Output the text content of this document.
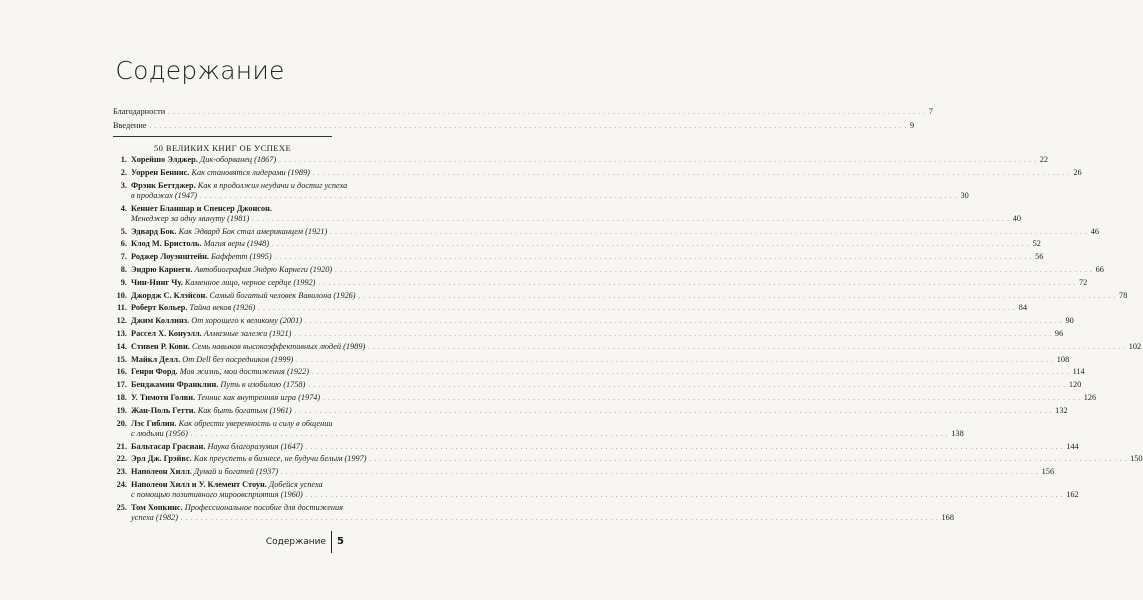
Содержание
Благодарности . . .	7
Введение . . .	9
50 ВЕЛИКИХ КНИГ ОБ УСПЕХЕ
1. Хорейшо Элджер. Дик-оборванец (1867) . . .	22
2. Уоррен Беннис. Как становятся лидерами (1989) . . .	26
3. Фрэнк Беттджер. Как я продолжил неудачи и достиг успеха
в продажах (1947) . . .	30
4. Кеннет Бланшар и Спенсер Джонсон.
Менеджер за одну минуту (1981) . . .	40
5. Эдвард Бок. Как Эдвард Бок стал американцем (1921) . . .	46
6. Клод М. Бристоль. Магия веры (1948) . . .	52
7. Роджер Лоуэнштейн. Баффетт (1995) . . .	56
8. Эндрю Карнеги. Автобиография Эндрю Карнеги (1920) . . .	66
9. Чин-Нинг Чу. Каменное лицо, черное сердце (1992) . . .	72
10. Джордж С. Клэйсон. Самый богатый человек Вавилона (1926) . . .	78
11. Роберт Кольер. Тайна веков (1926) . . .	84
12. Джим Коллинз. От хорошего к великому (2001) . . .	90
13. Рассел Х. Конуэлл. Алмазные залежи (1921) . . .	96
14. Стивен Р. Кови. Семь навыков высокоэффективных людей (1989) . . .	102
15. Майкл Делл. От Dell без посредников (1999) . . .	108
16. Генри Форд. Моя жизнь, мои достижения (1922) . . .	114
17. Бенджамин Франклин. Путь к изобилию (1758) . . .	120
18. У. Тимоти Голви. Теннис как внутренняя игра (1974) . . .	126
19. Жан-Поль Гетти. Как быть богатым (1961) . . .	132
20. Лэс Гиблин. Как обрести уверенность и силу в общении
с людьми (1956) . . .	138
21. Бальтасар Грасиан. Наука благоразумия (1647) . . .	144
22. Эрл Дж. Грэйвс. Как преуспеть в бизнесе, не будучи белым (1997) . . .	150
23. Наполеон Хилл. Думай и богатей (1937) . . .	156
24. Наполеон Хилл и У. Клемент Стоун. Добейся успеха
с помощью позитивного мироовсприятия (1960) . . .	162
25. Том Хопкинс. Профессиональное пособие для достижения
успеха (1982) . . .	168
Содержание 5
